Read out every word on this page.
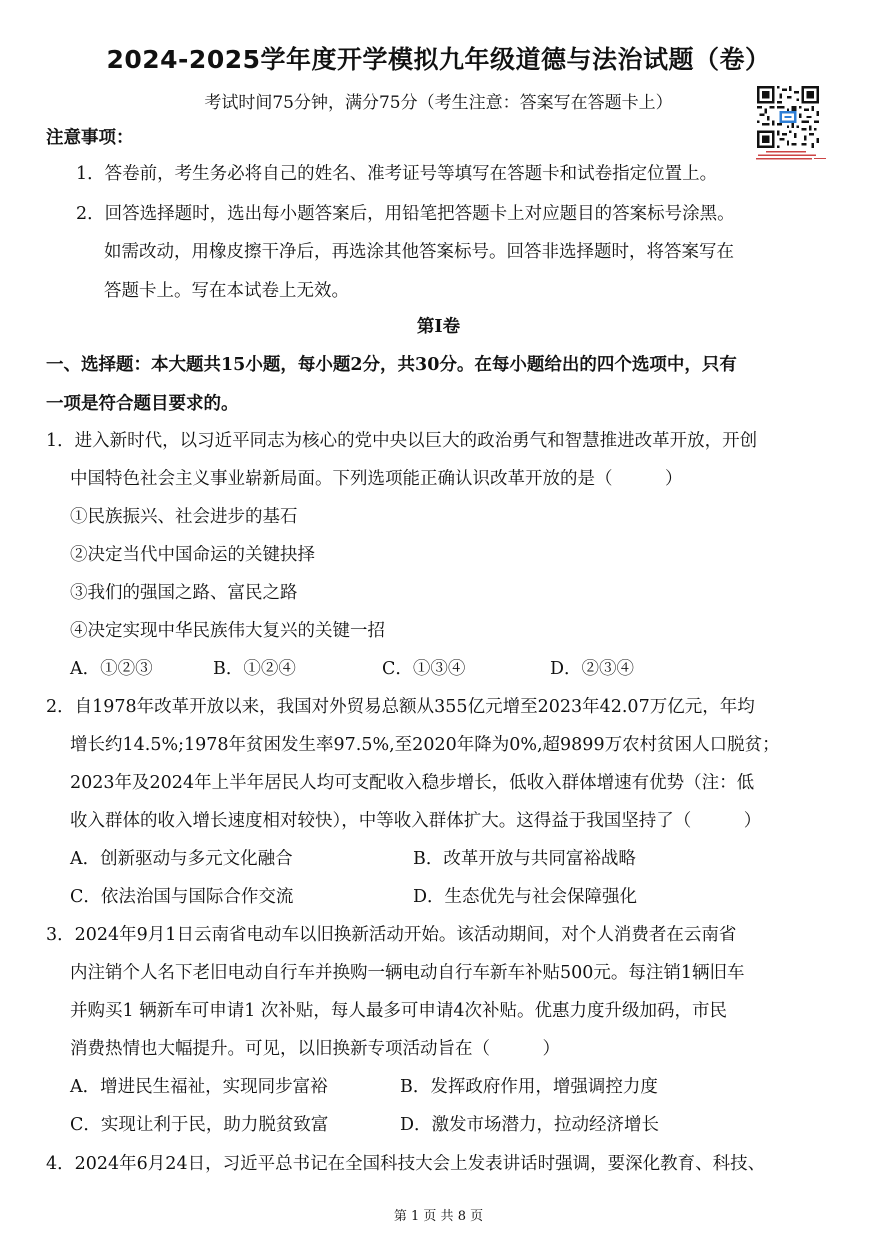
2024-2025学年度开学模拟九年级道德与法治试题（卷）
考试时间75分钟，满分75分（考生注意：答案写在答题卡上）
注意事项：
1．答卷前，考生务必将自己的姓名、准考证号等填写在答题卡和试卷指定位置上。
2．回答选择题时，选出每小题答案后，用铅笔把答题卡上对应题目的答案标号涂黑。
如需改动，用橡皮擦干净后，再选涂其他答案标号。回答非选择题时，将答案写在
答题卡上。写在本试卷上无效。
第Ⅰ卷
一、选择题：本大题共15小题，每小题2分，共30分。在每小题给出的四个选项中，只有
一项是符合题目要求的。
1．进入新时代，以习近平同志为核心的党中央以巨大的政治勇气和智慧推进改革开放，开创
中国特色社会主义事业崭新局面。下列选项能正确认识改革开放的是（　　　）
①民族振兴、社会进步的基石
②决定当代中国命运的关键抉择
③我们的强国之路、富民之路
④决定实现中华民族伟大复兴的关键一招
A．①②③	B．①②④	C．①③④	D．②③④
2．自1978年改革开放以来，我国对外贸易总额从355亿元增至2023年42.07万亿元，年均
增长约14.5%;1978年贫困发生率97.5%,至2020年降为0%,超9899万农村贫困人口脱贫；
2023年及2024年上半年居民人均可支配收入稳步增长，低收入群体增速有优势（注：低
收入群体的收入增长速度相对较快），中等收入群体扩大。这得益于我国坚持了（　　　）
A．创新驱动与多元文化融合	B．改革开放与共同富裕战略
C．依法治国与国际合作交流	D．生态优先与社会保障强化
3．2024年9月1日云南省电动车以旧换新活动开始。该活动期间，对个人消费者在云南省
内注销个人名下老旧电动自行车并换购一辆电动自行车新车补贴500元。每注销1辆旧车
并购买1 辆新车可申请1 次补贴，每人最多可申请4次补贴。优惠力度升级加码，市民
消费热情也大幅提升。可见，以旧换新专项活动旨在（　　　）
A．增进民生福祉，实现同步富裕	B．发挥政府作用，增强调控力度
C．实现让利于民，助力脱贫致富	D．激发市场潜力，拉动经济增长
4．2024年6月24日，习近平总书记在全国科技大会上发表讲话时强调，要深化教育、科技、
第 1 页 共 8 页
